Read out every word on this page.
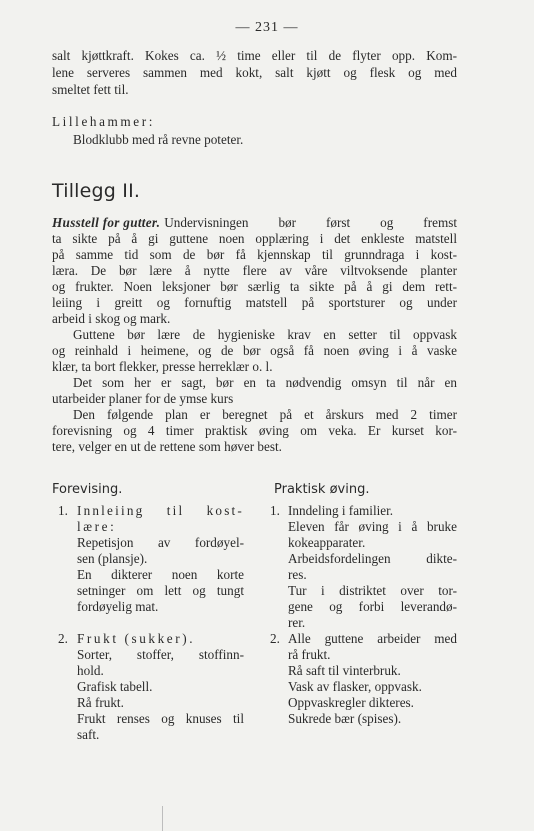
— 231 —
salt kjøttkraft. Kokes ca. ½ time eller til de flyter opp. Kom-
lene serveres sammen med kokt, salt kjøtt og flesk og med
smeltet fett til.
Lillehammer:
Blodklubb med rå revne poteter.
Tillegg II.
Husstell for gutter. Undervisningen bør først og fremst
ta sikte på å gi guttene noen opplæring i det enkleste matstell
på samme tid som de bør få kjennskap til grunndraga i kost-
læra. De bør lære å nytte flere av våre viltvoksende planter
og frukter. Noen leksjoner bør særlig ta sikte på å gi dem rett-
leiing i greitt og fornuftig matstell på sportsturer og under
arbeid i skog og mark.
Guttene bør lære de hygieniske krav en setter til oppvask
og reinhald i heimene, og de bør også få noen øving i å vaske
klær, ta bort flekker, presse herreklær o. l.
Det som her er sagt, bør en ta nødvendig omsyn til når en
utarbeider planer for de ymse kurs
Den følgende plan er beregnet på et årskurs med 2 timer
forevisning og 4 timer praktisk øving om veka. Er kurset kor-
tere, velger en ut de rettene som høver best.
Forevising.	Praktisk øving.
1. Innleiing til kost-
lære:
Repetisjon av fordøyel-
sen (plansje).
En dikterer noen korte
setninger om lett og tungt
fordøyelig mat.
1. Inndeling i familier.
Eleven får øving i å bruke
kokeapparater.
Arbeidsfordelingen dikte-
res.
Tur i distriktet over tor-
gene og forbi leverandø-
rer.
2. Frukt (sukker).
Sorter, stoffer, stoffinn-
hold.
Grafisk tabell.
Rå frukt.
Frukt renses og knuses til
saft.
2. Alle guttene arbeider med
rå frukt.
Rå saft til vinterbruk.
Vask av flasker, oppvask.
Oppvaskregler dikteres.
Sukrede bær (spises).
